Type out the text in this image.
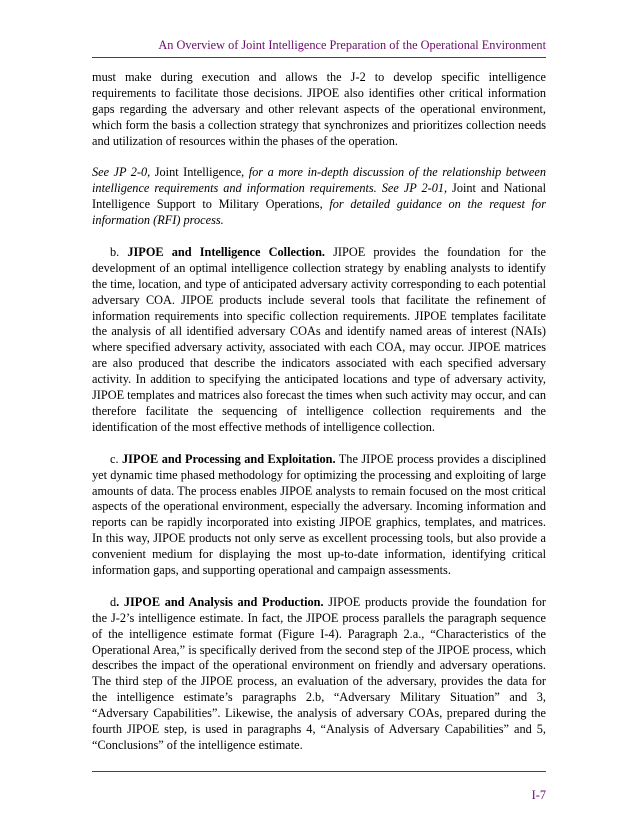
An Overview of Joint Intelligence Preparation of the Operational Environment

must make during execution and allows the J-2 to develop specific intelligence requirements to facilitate those decisions. JIPOE also identifies other critical information gaps regarding the adversary and other relevant aspects of the operational environment, which form the basis a collection strategy that synchronizes and prioritizes collection needs and utilization of resources within the phases of the operation.

See JP 2-0, Joint Intelligence, for a more in-depth discussion of the relationship between intelligence requirements and information requirements. See JP 2-01, Joint and National Intelligence Support to Military Operations, for detailed guidance on the request for information (RFI) process.

b. JIPOE and Intelligence Collection. JIPOE provides the foundation for the development of an optimal intelligence collection strategy by enabling analysts to identify the time, location, and type of anticipated adversary activity corresponding to each potential adversary COA. JIPOE products include several tools that facilitate the refinement of information requirements into specific collection requirements. JIPOE templates facilitate the analysis of all identified adversary COAs and identify named areas of interest (NAIs) where specified adversary activity, associated with each COA, may occur. JIPOE matrices are also produced that describe the indicators associated with each specified adversary activity. In addition to specifying the anticipated locations and type of adversary activity, JIPOE templates and matrices also forecast the times when such activity may occur, and can therefore facilitate the sequencing of intelligence collection requirements and the identification of the most effective methods of intelligence collection.

c. JIPOE and Processing and Exploitation. The JIPOE process provides a disciplined yet dynamic time phased methodology for optimizing the processing and exploiting of large amounts of data. The process enables JIPOE analysts to remain focused on the most critical aspects of the operational environment, especially the adversary. Incoming information and reports can be rapidly incorporated into existing JIPOE graphics, templates, and matrices. In this way, JIPOE products not only serve as excellent processing tools, but also provide a convenient medium for displaying the most up-to-date information, identifying critical information gaps, and supporting operational and campaign assessments.

d. JIPOE and Analysis and Production. JIPOE products provide the foundation for the J-2’s intelligence estimate. In fact, the JIPOE process parallels the paragraph sequence of the intelligence estimate format (Figure I-4). Paragraph 2.a., “Characteristics of the Operational Area,” is specifically derived from the second step of the JIPOE process, which describes the impact of the operational environment on friendly and adversary operations. The third step of the JIPOE process, an evaluation of the adversary, provides the data for the intelligence estimate’s paragraphs 2.b, “Adversary Military Situation” and 3, “Adversary Capabilities”. Likewise, the analysis of adversary COAs, prepared during the fourth JIPOE step, is used in paragraphs 4, “Analysis of Adversary Capabilities” and 5, “Conclusions” of the intelligence estimate.

I-7
